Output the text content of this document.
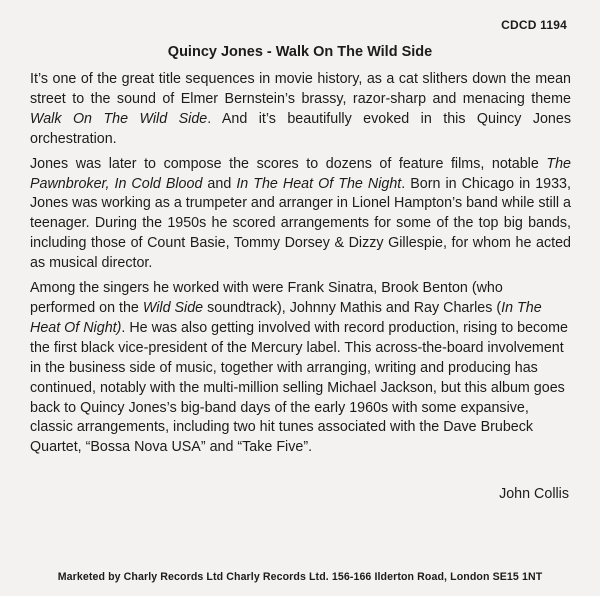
CDCD 1194
Quincy Jones - Walk On The Wild Side

It’s one of the great title sequences in movie history, as a cat slithers down the mean street to the sound of Elmer Bernstein’s brassy, razor-sharp and menacing theme Walk On The Wild Side. And it’s beautifully evoked in this Quincy Jones orchestration.

Jones was later to compose the scores to dozens of feature films, notable The Pawnbroker, In Cold Blood and In The Heat Of The Night. Born in Chicago in 1933, Jones was working as a trumpeter and arranger in Lionel Hampton’s band while still a teenager. During the 1950s he scored arrangements for some of the top big bands, including those of Count Basie, Tommy Dorsey & Dizzy Gillespie, for whom he acted as musical director.

Among the singers he worked with were Frank Sinatra, Brook Benton (who performed on the Wild Side soundtrack), Johnny Mathis and Ray Charles (In The Heat Of Night). He was also getting involved with record production, rising to become the first black vice-president of the Mercury label. This across-the-board involvement in the business side of music, together with arranging, writing and producing has continued, notably with the multi-million selling Michael Jackson, but this album goes back to Quincy Jones’s big-band days of the early 1960s with some expansive, classic arrangements, including two hit tunes associated with the Dave Brubeck Quartet, “Bossa Nova USA” and “Take Five”.

John Collis
Marketed by Charly Records Ltd Charly Records Ltd. 156-166 Ilderton Road, London SE15 1NT
